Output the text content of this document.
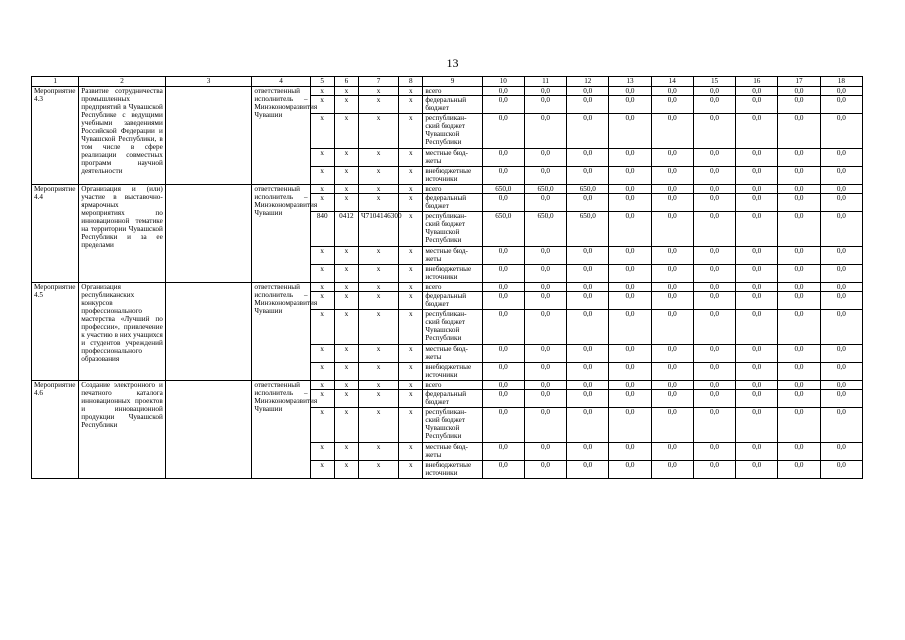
13
1	2	3	4	5	6	7	8	9	10	11	12	13	14	15	16	17	18
Мероприятие 4.3	Развитие сотрудничества промышленных предприятий в Чувашской Республике с ведущими учебными заведениями Российской Федерации и Чувашской Республики, в том числе в сфере реализации совместных программ научной деятельности		ответственный исполнитель – Минэкономразвития Чувашии	x	x	x	x	всего	0,0	0,0	0,0	0,0	0,0	0,0	0,0	0,0	0,0
				x	x	x	x	федеральный бюджет	0,0	0,0	0,0	0,0	0,0	0,0	0,0	0,0	0,0
				x	x	x	x	республикан-ский бюджет Чувашской Республики	0,0	0,0	0,0	0,0	0,0	0,0	0,0	0,0	0,0
				x	x	x	x	местные бюд-жеты	0,0	0,0	0,0	0,0	0,0	0,0	0,0	0,0	0,0
				x	x	x	x	внебюджетные источники	0,0	0,0	0,0	0,0	0,0	0,0	0,0	0,0	0,0
Мероприятие 4.4	Организация и (или) участие в выставочно-ярмарочных мероприятиях по инновационной тематике на территории Чувашской Республики и за ее пределами		ответственный исполнитель – Минэкономразвития Чувашии	x	x	x	x	всего	650,0	650,0	650,0	0,0	0,0	0,0	0,0	0,0	0,0
				x	x	x	x	федеральный бюджет	0,0	0,0	0,0	0,0	0,0	0,0	0,0	0,0	0,0
				840	0412	Ч7104146300	x	республикан-ский бюджет Чувашской Республики	650,0	650,0	650,0	0,0	0,0	0,0	0,0	0,0	0,0
				x	x	x	x	местные бюд-жеты	0,0	0,0	0,0	0,0	0,0	0,0	0,0	0,0	0,0
				x	x	x	x	внебюджетные источники	0,0	0,0	0,0	0,0	0,0	0,0	0,0	0,0	0,0
Мероприятие 4.5	Организация республиканских конкурсов профессионального мастерства «Лучший по профессии», привлечение к участию в них учащихся и студентов учреждений профессионального образования		ответственный исполнитель – Минэкономразвития Чувашии	x	x	x	x	всего	0,0	0,0	0,0	0,0	0,0	0,0	0,0	0,0	0,0
				x	x	x	x	федеральный бюджет	0,0	0,0	0,0	0,0	0,0	0,0	0,0	0,0	0,0
				x	x	x	x	республикан-ский бюджет Чувашской Республики	0,0	0,0	0,0	0,0	0,0	0,0	0,0	0,0	0,0
				x	x	x	x	местные бюд-жеты	0,0	0,0	0,0	0,0	0,0	0,0	0,0	0,0	0,0
				x	x	x	x	внебюджетные источники	0,0	0,0	0,0	0,0	0,0	0,0	0,0	0,0	0,0
Мероприятие 4.6	Создание электронного и печатного каталога инновационных проектов и инновационной продукции Чувашской Республики		ответственный исполнитель – Минэкономразвития Чувашии	x	x	x	x	всего	0,0	0,0	0,0	0,0	0,0	0,0	0,0	0,0	0,0
				x	x	x	x	федеральный бюджет	0,0	0,0	0,0	0,0	0,0	0,0	0,0	0,0	0,0
				x	x	x	x	республикан-ский бюджет Чувашской Республики	0,0	0,0	0,0	0,0	0,0	0,0	0,0	0,0	0,0
				x	x	x	x	местные бюд-жеты	0,0	0,0	0,0	0,0	0,0	0,0	0,0	0,0	0,0
				x	x	x	x	внебюджетные источники	0,0	0,0	0,0	0,0	0,0	0,0	0,0	0,0	0,0
